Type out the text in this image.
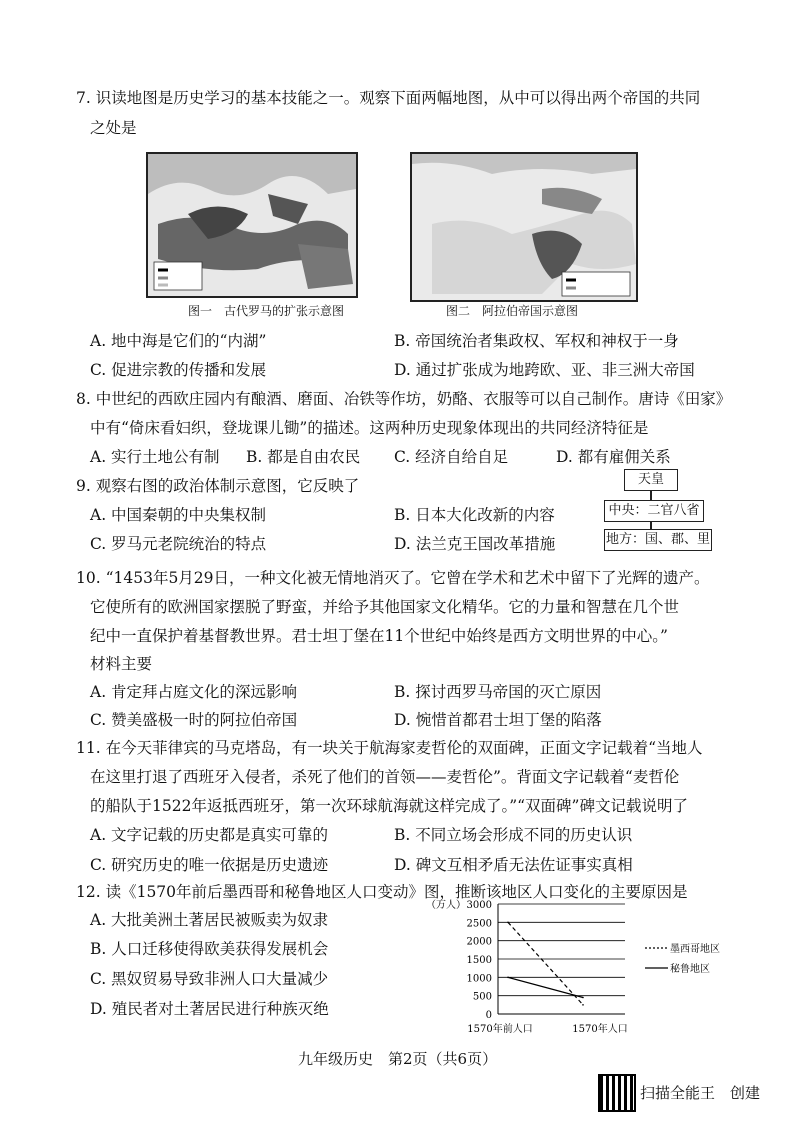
7. 识读地图是历史学习的基本技能之一。观察下面两幅地图，从中可以得出两个帝国的共同
之处是
图一　古代罗马的扩张示意图	图二　阿拉伯帝国示意图
A. 地中海是它们的“内湖”	B. 帝国统治者集政权、军权和神权于一身
C. 促进宗教的传播和发展	D. 通过扩张成为地跨欧、亚、非三洲大帝国
8. 中世纪的西欧庄园内有酿酒、磨面、冶铁等作坊，奶酪、衣服等可以自己制作。唐诗《田家》
中有“倚床看妇织，登垅课儿锄”的描述。这两种历史现象体现出的共同经济特征是
A. 实行土地公有制 B. 都是自由农民 C. 经济自给自足	D. 都有雇佣关系
9. 观察右图的政治体制示意图，它反映了
A. 中国秦朝的中央集权制	B. 日本大化改新的内容
C. 罗马元老院统治的特点	D. 法兰克王国改革措施
天皇
中央：二官八省
地方：国、郡、里
10. “1453年5月29日，一种文化被无情地消灭了。它曾在学术和艺术中留下了光辉的遗产。
它使所有的欧洲国家摆脱了野蛮，并给予其他国家文化精华。它的力量和智慧在几个世
纪中一直保护着基督教世界。君士坦丁堡在11个世纪中始终是西方文明世界的中心。”
材料主要
A. 肯定拜占庭文化的深远影响	B. 探讨西罗马帝国的灭亡原因
C. 赞美盛极一时的阿拉伯帝国	D. 惋惜首都君士坦丁堡的陷落
11. 在今天菲律宾的马克塔岛，有一块关于航海家麦哲伦的双面碑，正面文字记载着“当地人
在这里打退了西班牙入侵者，杀死了他们的首领——麦哲伦”。背面文字记载着“麦哲伦
的船队于1522年返抵西班牙，第一次环球航海就这样完成了。”“双面碑”碑文记载说明了
A. 文字记载的历史都是真实可靠的	B. 不同立场会形成不同的历史认识
C. 研究历史的唯一依据是历史遗迹	D. 碑文互相矛盾无法佐证事实真相
12. 读《1570年前后墨西哥和秘鲁地区人口变动》图，推断该地区人口变化的主要原因是
A. 大批美洲土著居民被贩卖为奴隶
B. 人口迁移使得欧美获得发展机会
C. 黑奴贸易导致非洲人口大量减少
D. 殖民者对土著居民进行种族灭绝
（万人）
0
500
1000
1500
2000
2500
3000
1570年前人口	1570年人口
墨西哥地区
秘鲁地区
九年级历史　第2页（共6页）
扫描全能王　创建
